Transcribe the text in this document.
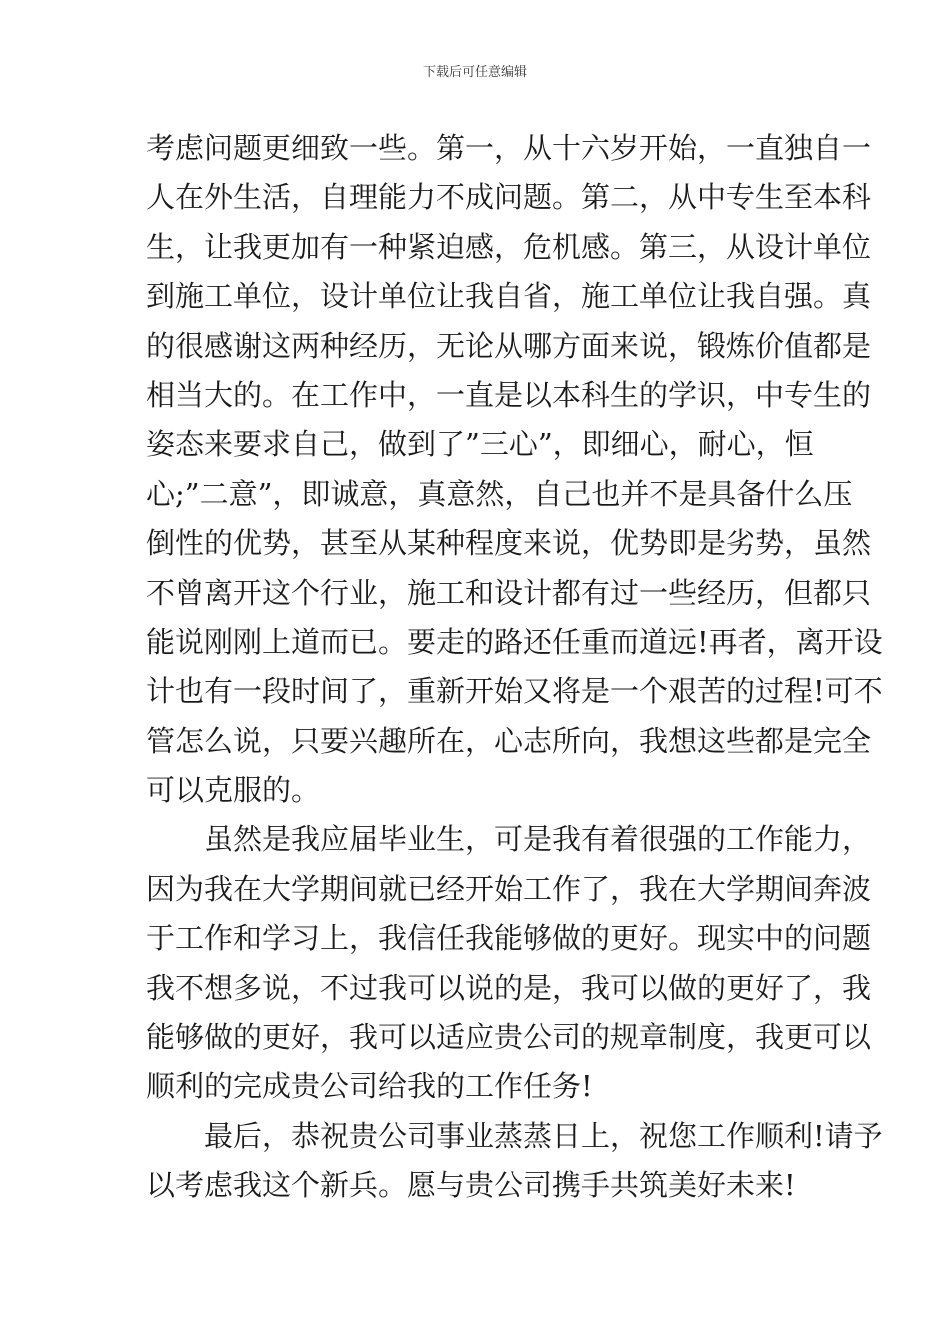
下载后可任意编辑
考虑问题更细致一些。第一，从十六岁开始，一直独自一
人在外生活，自理能力不成问题。第二，从中专生至本科
生，让我更加有一种紧迫感，危机感。第三，从设计单位
到施工单位，设计单位让我自省，施工单位让我自强。真
的很感谢这两种经历，无论从哪方面来说，锻炼价值都是
相当大的。在工作中，一直是以本科生的学识，中专生的
姿态来要求自己，做到了”三心”，即细心，耐心，恒
心;”二意”，即诚意，真意然，自己也并不是具备什么压
倒性的优势，甚至从某种程度来说，优势即是劣势，虽然
不曾离开这个行业，施工和设计都有过一些经历，但都只
能说刚刚上道而已。要走的路还任重而道远!再者，离开设
计也有一段时间了，重新开始又将是一个艰苦的过程!可不
管怎么说，只要兴趣所在，心志所向，我想这些都是完全
可以克服的。
虽然是我应届毕业生，可是我有着很强的工作能力，
因为我在大学期间就已经开始工作了，我在大学期间奔波
于工作和学习上，我信任我能够做的更好。现实中的问题
我不想多说，不过我可以说的是，我可以做的更好了，我
能够做的更好，我可以适应贵公司的规章制度，我更可以
顺利的完成贵公司给我的工作任务!
最后，恭祝贵公司事业蒸蒸日上，祝您工作顺利!请予
以考虑我这个新兵。愿与贵公司携手共筑美好未来!
